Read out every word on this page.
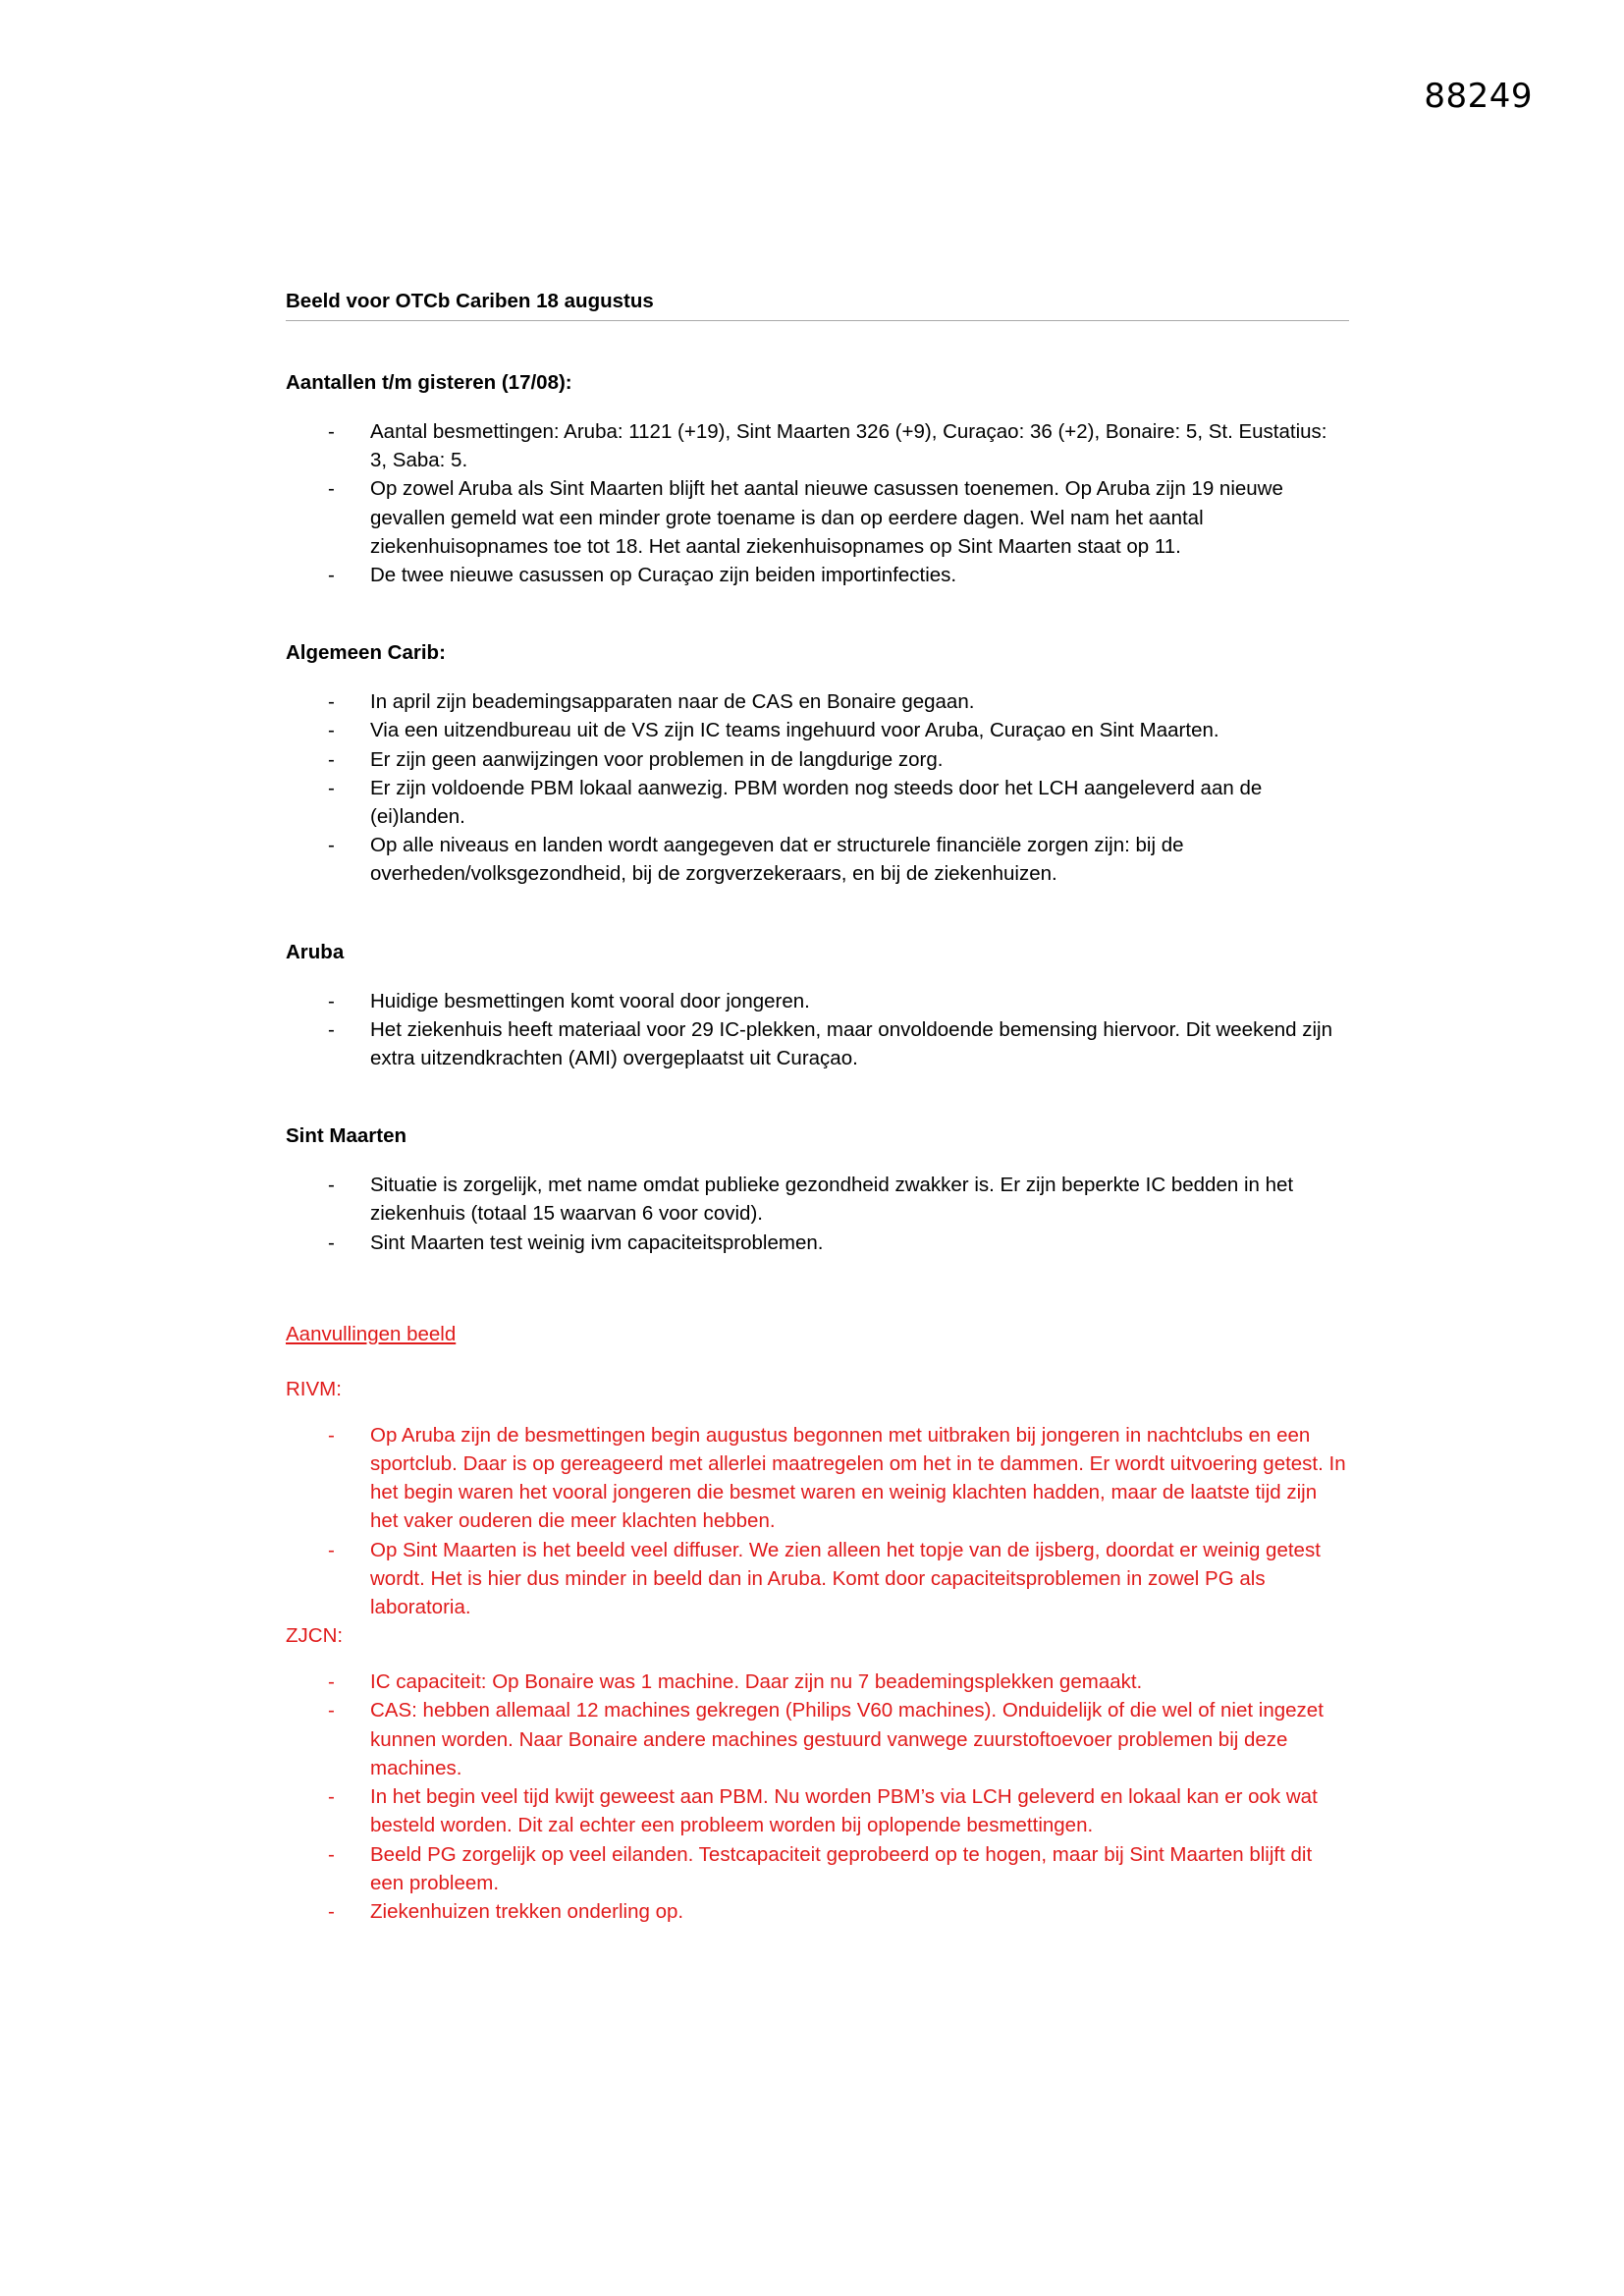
88249
Beeld voor OTCb Cariben 18 augustus
Aantallen t/m gisteren (17/08):
- Aantal besmettingen: Aruba: 1121 (+19), Sint Maarten 326 (+9), Curaçao: 36 (+2), Bonaire: 5, St. Eustatius: 3, Saba: 5.
- Op zowel Aruba als Sint Maarten blijft het aantal nieuwe casussen toenemen. Op Aruba zijn 19 nieuwe gevallen gemeld wat een minder grote toename is dan op eerdere dagen. Wel nam het aantal ziekenhuisopnames toe tot 18. Het aantal ziekenhuisopnames op Sint Maarten staat op 11.
- De twee nieuwe casussen op Curaçao zijn beiden importinfecties.
Algemeen Carib:
- In april zijn beademingsapparaten naar de CAS en Bonaire gegaan.
- Via een uitzendbureau uit de VS zijn IC teams ingehuurd voor Aruba, Curaçao en Sint Maarten.
- Er zijn geen aanwijzingen voor problemen in de langdurige zorg.
- Er zijn voldoende PBM lokaal aanwezig. PBM worden nog steeds door het LCH aangeleverd aan de (ei)landen.
- Op alle niveaus en landen wordt aangegeven dat er structurele financiële zorgen zijn: bij de overheden/volksgezondheid, bij de zorgverzekeraars, en bij de ziekenhuizen.
Aruba
- Huidige besmettingen komt vooral door jongeren.
- Het ziekenhuis heeft materiaal voor 29 IC-plekken, maar onvoldoende bemensing hiervoor. Dit weekend zijn extra uitzendkrachten (AMI) overgeplaatst uit Curaçao.
Sint Maarten
- Situatie is zorgelijk, met name omdat publieke gezondheid zwakker is. Er zijn beperkte IC bedden in het ziekenhuis (totaal 15 waarvan 6 voor covid).
- Sint Maarten test weinig ivm capaciteitsproblemen.
Aanvullingen beeld
RIVM:
- Op Aruba zijn de besmettingen begin augustus begonnen met uitbraken bij jongeren in nachtclubs en een sportclub. Daar is op gereageerd met allerlei maatregelen om het in te dammen. Er wordt uitvoering getest. In het begin waren het vooral jongeren die besmet waren en weinig klachten hadden, maar de laatste tijd zijn het vaker ouderen die meer klachten hebben.
- Op Sint Maarten is het beeld veel diffuser. We zien alleen het topje van de ijsberg, doordat er weinig getest wordt. Het is hier dus minder in beeld dan in Aruba. Komt door capaciteitsproblemen in zowel PG als laboratoria.
ZJCN:
- IC capaciteit: Op Bonaire was 1 machine. Daar zijn nu 7 beademingsplekken gemaakt.
- CAS: hebben allemaal 12 machines gekregen (Philips V60 machines). Onduidelijk of die wel of niet ingezet kunnen worden. Naar Bonaire andere machines gestuurd vanwege zuurstoftoevoer problemen bij deze machines.
- In het begin veel tijd kwijt geweest aan PBM. Nu worden PBM’s via LCH geleverd en lokaal kan er ook wat besteld worden. Dit zal echter een probleem worden bij oplopende besmettingen.
- Beeld PG zorgelijk op veel eilanden. Testcapaciteit geprobeerd op te hogen, maar bij Sint Maarten blijft dit een probleem.
- Ziekenhuizen trekken onderling op.
